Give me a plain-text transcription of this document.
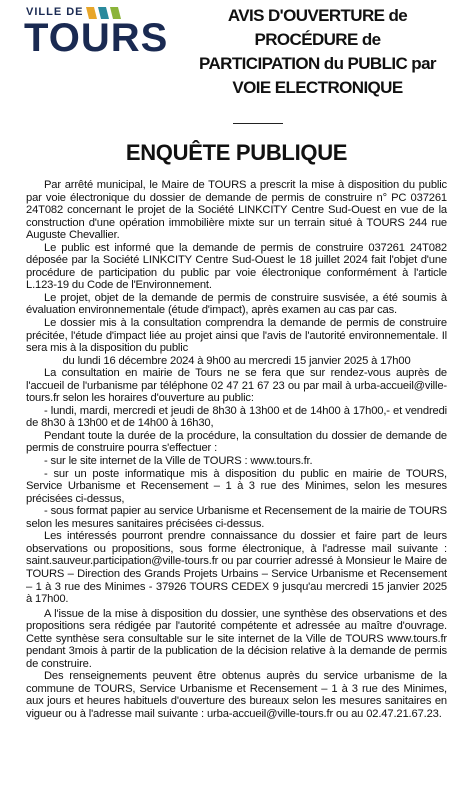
VILLE DE
TOURS
AVIS D'OUVERTURE de
PROCÉDURE de
PARTICIPATION du PUBLIC par
VOIE ELECTRONIQUE
ENQUÊTE PUBLIQUE

Par arrêté municipal, le Maire de TOURS a prescrit la mise à disposition du public par voie électronique du dossier de demande de permis de construire n° PC 037261 24T082 concernant le projet de la Société LINKCITY Centre Sud-Ouest en vue de la construction d'une opération immobilière mixte sur un terrain situé à TOURS 244 rue Auguste Chevallier.

Le public est informé que la demande de permis de construire 037261 24T082 déposée par la Société LINKCITY Centre Sud-Ouest le 18 juillet 2024 fait l'objet d'une procédure de participation du public par voie électronique conformément à l'article L.123-19 du Code de l'Environnement.

Le projet, objet de la demande de permis de construire susvisée, a été soumis à évaluation environnementale (étude d'impact), après examen au cas par cas.

Le dossier mis à la consultation comprendra la demande de permis de construire précitée, l'étude d'impact liée au projet ainsi que l'avis de l'autorité environnementale. Il sera mis à la disposition du public

du lundi 16 décembre 2024 à 9h00 au mercredi 15 janvier 2025 à 17h00

La consultation en mairie de Tours ne se fera que sur rendez-vous auprès de l'accueil de l'urbanisme par téléphone 02 47 21 67 23 ou par mail à urba-accueil@ville-tours.fr selon les horaires d'ouverture au public:

- lundi, mardi, mercredi et jeudi de 8h30 à 13h00 et de 14h00 à 17h00,- et vendredi de 8h30 à 13h00 et de 14h00 à 16h30,

Pendant toute la durée de la procédure, la consultation du dossier de demande de permis de construire pourra s'effectuer :

- sur le site internet de la Ville de TOURS : www.tours.fr.

- sur un poste informatique mis à disposition du public en mairie de TOURS, Service Urbanisme et Recensement – 1 à 3 rue des Minimes, selon les mesures précisées ci-dessus,

- sous format papier au service Urbanisme et Recensement de la mairie de TOURS selon les mesures sanitaires précisées ci-dessus.

Les intéressés pourront prendre connaissance du dossier et faire part de leurs observations ou propositions, sous forme électronique, à l'adresse mail suivante : saint.sauveur.participation@ville-tours.fr ou par courrier adressé à Monsieur le Maire de TOURS – Direction des Grands Projets Urbains – Service Urbanisme et Recensement – 1 à 3 rue des Minimes - 37926 TOURS CEDEX 9 jusqu'au mercredi 15 janvier 2025 à 17h00.

A l'issue de la mise à disposition du dossier, une synthèse des observations et des propositions sera rédigée par l'autorité compétente et adressée au maître d'ouvrage. Cette synthèse sera consultable sur le site internet de la Ville de TOURS www.tours.fr pendant 3mois à partir de la publication de la décision relative à la demande de permis de construire.

Des renseignements peuvent être obtenus auprès du service urbanisme de la commune de TOURS, Service Urbanisme et Recensement – 1 à 3 rue des Minimes, aux jours et heures habituels d'ouverture des bureaux selon les mesures sanitaires en vigueur ou à l'adresse mail suivante : urba-accueil@ville-tours.fr ou au 02.47.21.67.23.
